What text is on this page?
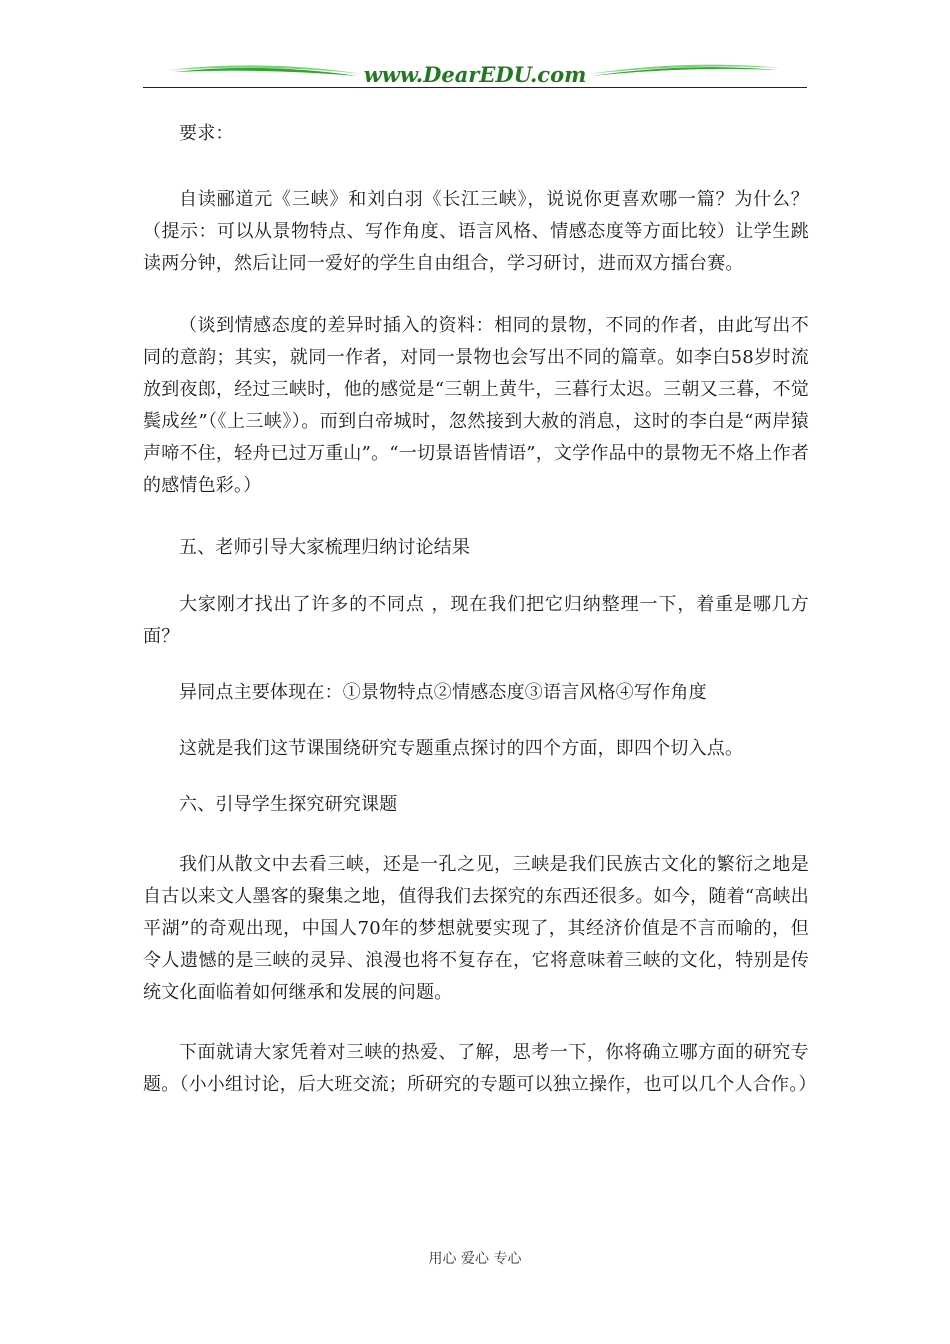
www.DearEDU.com

要求：

自读郦道元《三峡》和刘白羽《长江三峡》，说说你更喜欢哪一篇？为什么？（提示：可以从景物特点、写作角度、语言风格、情感态度等方面比较）让学生跳读两分钟，然后让同一爱好的学生自由组合，学习研讨，进而双方擂台赛。

（谈到情感态度的差异时插入的资料：相同的景物，不同的作者，由此写出不同的意韵；其实，就同一作者，对同一景物也会写出不同的篇章。如李白58岁时流放到夜郎，经过三峡时，他的感觉是“三朝上黄牛，三暮行太迟。三朝又三暮，不觉鬓成丝”（《上三峡》）。而到白帝城时，忽然接到大赦的消息，这时的李白是“两岸猿声啼不住，轻舟已过万重山”。“一切景语皆情语”，文学作品中的景物无不烙上作者的感情色彩。）

五、老师引导大家梳理归纳讨论结果

大家刚才找出了许多的不同点 ，现在我们把它归纳整理一下，着重是哪几方面？

异同点主要体现在：①景物特点②情感态度③语言风格④写作角度

这就是我们这节课围绕研究专题重点探讨的四个方面，即四个切入点。

六、引导学生探究研究课题

我们从散文中去看三峡，还是一孔之见，三峡是我们民族古文化的繁衍之地是自古以来文人墨客的聚集之地，值得我们去探究的东西还很多。如今，随着“高峡出平湖”的奇观出现，中国人70年的梦想就要实现了，其经济价值是不言而喻的，但令人遗憾的是三峡的灵异、浪漫也将不复存在，它将意味着三峡的文化，特别是传统文化面临着如何继承和发展的问题。

下面就请大家凭着对三峡的热爱、了解，思考一下，你将确立哪方面的研究专题。（小小组讨论，后大班交流；所研究的专题可以独立操作，也可以几个人合作。）

用心 爱心 专心
